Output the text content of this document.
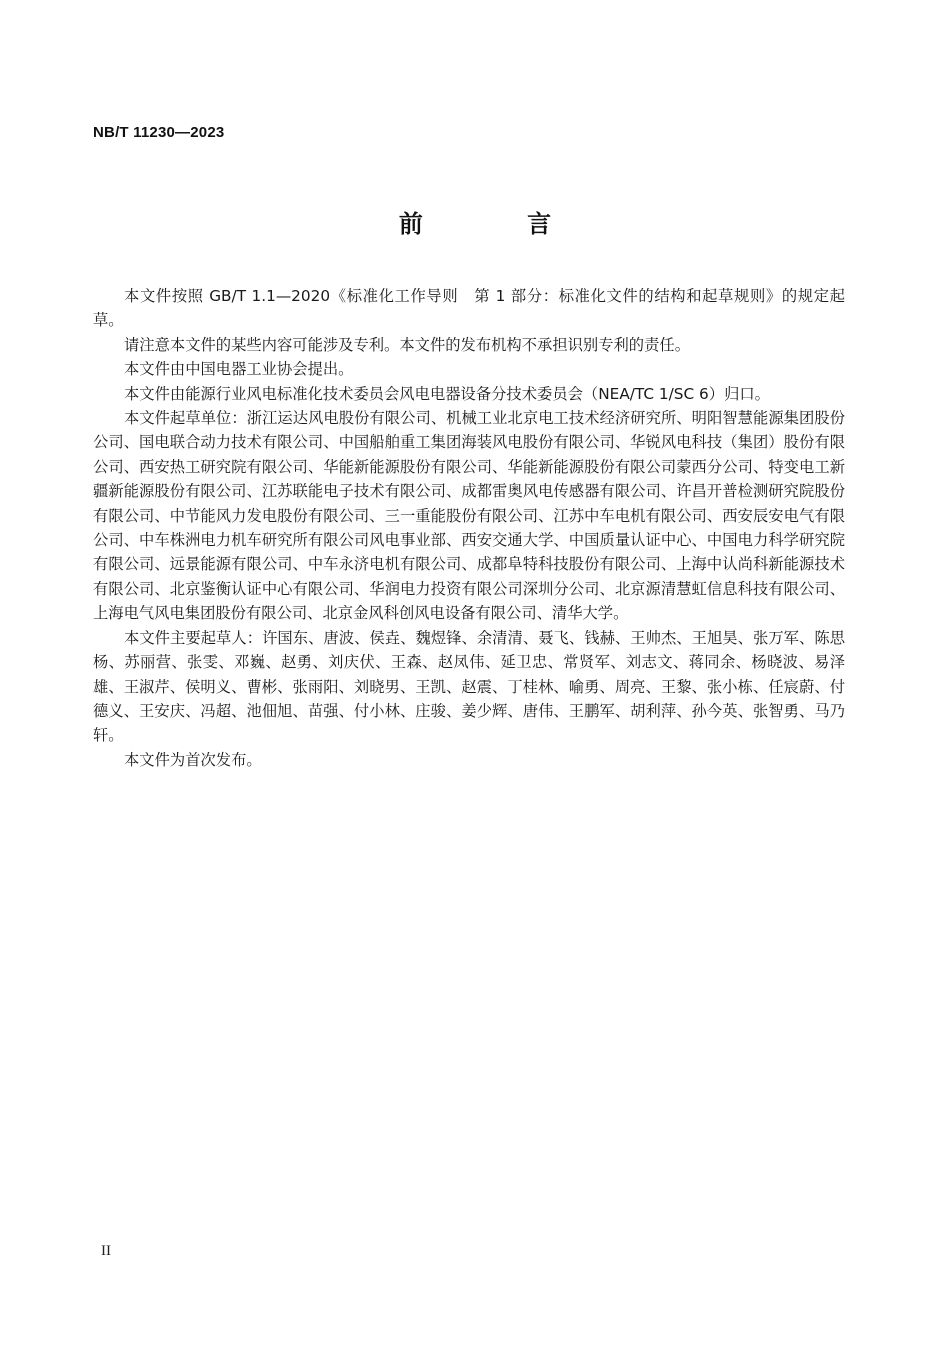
NB/T 11230—2023
前 言

本文件按照 GB/T 1.1—2020《标准化工作导则　第 1 部分：标准化文件的结构和起草规则》的规定起草。

请注意本文件的某些内容可能涉及专利。本文件的发布机构不承担识别专利的责任。

本文件由中国电器工业协会提出。

本文件由能源行业风电标准化技术委员会风电电器设备分技术委员会（NEA/TC 1/SC 6）归口。

本文件起草单位：浙江运达风电股份有限公司、机械工业北京电工技术经济研究所、明阳智慧能源集团股份公司、国电联合动力技术有限公司、中国船舶重工集团海装风电股份有限公司、华锐风电科技（集团）股份有限公司、西安热工研究院有限公司、华能新能源股份有限公司、华能新能源股份有限公司蒙西分公司、特变电工新疆新能源股份有限公司、江苏联能电子技术有限公司、成都雷奥风电传感器有限公司、许昌开普检测研究院股份有限公司、中节能风力发电股份有限公司、三一重能股份有限公司、江苏中车电机有限公司、西安辰安电气有限公司、中车株洲电力机车研究所有限公司风电事业部、西安交通大学、中国质量认证中心、中国电力科学研究院有限公司、远景能源有限公司、中车永济电机有限公司、成都阜特科技股份有限公司、上海中认尚科新能源技术有限公司、北京鉴衡认证中心有限公司、华润电力投资有限公司深圳分公司、北京源清慧虹信息科技有限公司、上海电气风电集团股份有限公司、北京金风科创风电设备有限公司、清华大学。

本文件主要起草人：许国东、唐波、侯垚、魏煜锋、余清清、聂飞、钱赫、王帅杰、王旭昊、张万军、陈思杨、苏丽营、张雯、邓巍、赵勇、刘庆伏、王森、赵凤伟、延卫忠、常贤军、刘志文、蒋同余、杨晓波、易泽雄、王淑芹、侯明义、曹彬、张雨阳、刘晓男、王凯、赵震、丁桂林、喻勇、周亮、王黎、张小栋、任宸蔚、付德义、王安庆、冯超、池佃旭、苗强、付小林、庄骏、姜少辉、唐伟、王鹏军、胡利萍、孙今英、张智勇、马乃轩。

本文件为首次发布。

II
